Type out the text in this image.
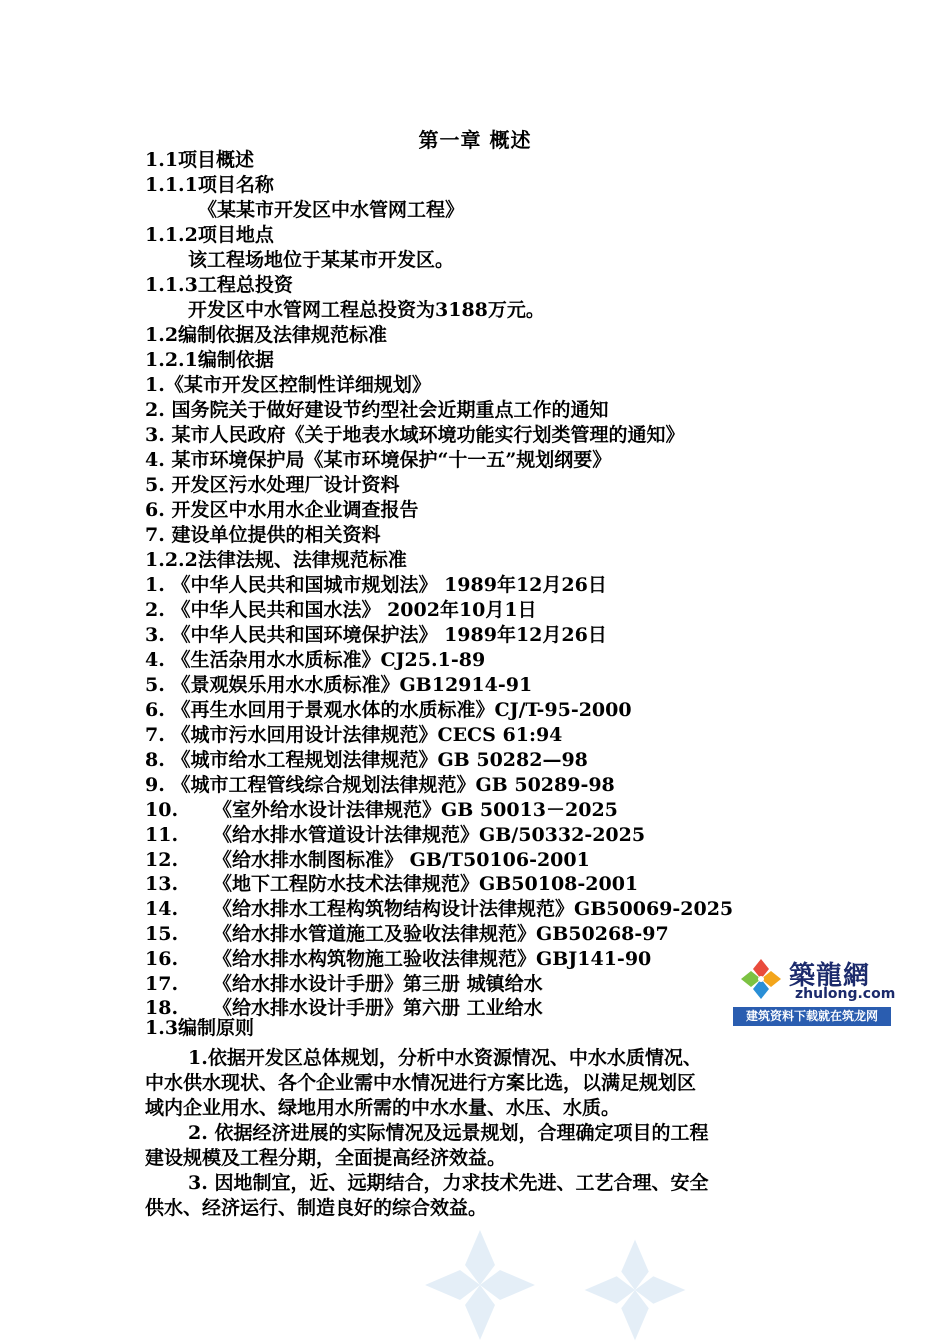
第一章 概述
1.1项目概述
1.1.1项目名称
《某某市开发区中水管网工程》
1.1.2项目地点
该工程场地位于某某市开发区。
1.1.3工程总投资
开发区中水管网工程总投资为3188万元。
1.2编制依据及法律规范标准
1.2.1编制依据
1.《某市开发区控制性详细规划》
2. 国务院关于做好建设节约型社会近期重点工作的通知
3. 某市人民政府《关于地表水域环境功能实行划类管理的通知》
4. 某市环境保护局《某市环境保护“十一五”规划纲要》
5. 开发区污水处理厂设计资料
6. 开发区中水用水企业调查报告
7. 建设单位提供的相关资料
1.2.2法律法规、法律规范标准
1. 《中华人民共和国城市规划法》 1989年12月26日
2. 《中华人民共和国水法》 2002年10月1日
3. 《中华人民共和国环境保护法》 1989年12月26日
4. 《生活杂用水水质标准》CJ25.1-89
5. 《景观娱乐用水水质标准》GB12914-91
6. 《再生水回用于景观水体的水质标准》CJ/T-95-2000
7. 《城市污水回用设计法律规范》CECS 61:94
8. 《城市给水工程规划法律规范》GB 50282—98
9. 《城市工程管线综合规划法律规范》GB 50289-98
10. 《室外给水设计法律规范》GB 50013－2025
11. 《给水排水管道设计法律规范》GB/50332-2025
12. 《给水排水制图标准》 GB/T50106-2001
13. 《地下工程防水技术法律规范》GB50108-2001
14. 《给水排水工程构筑物结构设计法律规范》GB50069-2025
15. 《给水排水管道施工及验收法律规范》GB50268-97
16. 《给水排水构筑物施工验收法律规范》GBJ141-90
17. 《给水排水设计手册》第三册 城镇给水
18. 《给水排水设计手册》第六册 工业给水
1.3编制原则
1.依据开发区总体规划，分析中水资源情况、中水水质情况、
中水供水现状、各个企业需中水情况进行方案比选，以满足规划区
域内企业用水、绿地用水所需的中水水量、水压、水质。
2. 依据经济进展的实际情况及远景规划，合理确定项目的工程
建设规模及工程分期，全面提高经济效益。
3. 因地制宜，近、远期结合，力求技术先进、工艺合理、安全
供水、经济运行、制造良好的综合效益。
築龍網
zhulong.com
建筑资料下载就在筑龙网
